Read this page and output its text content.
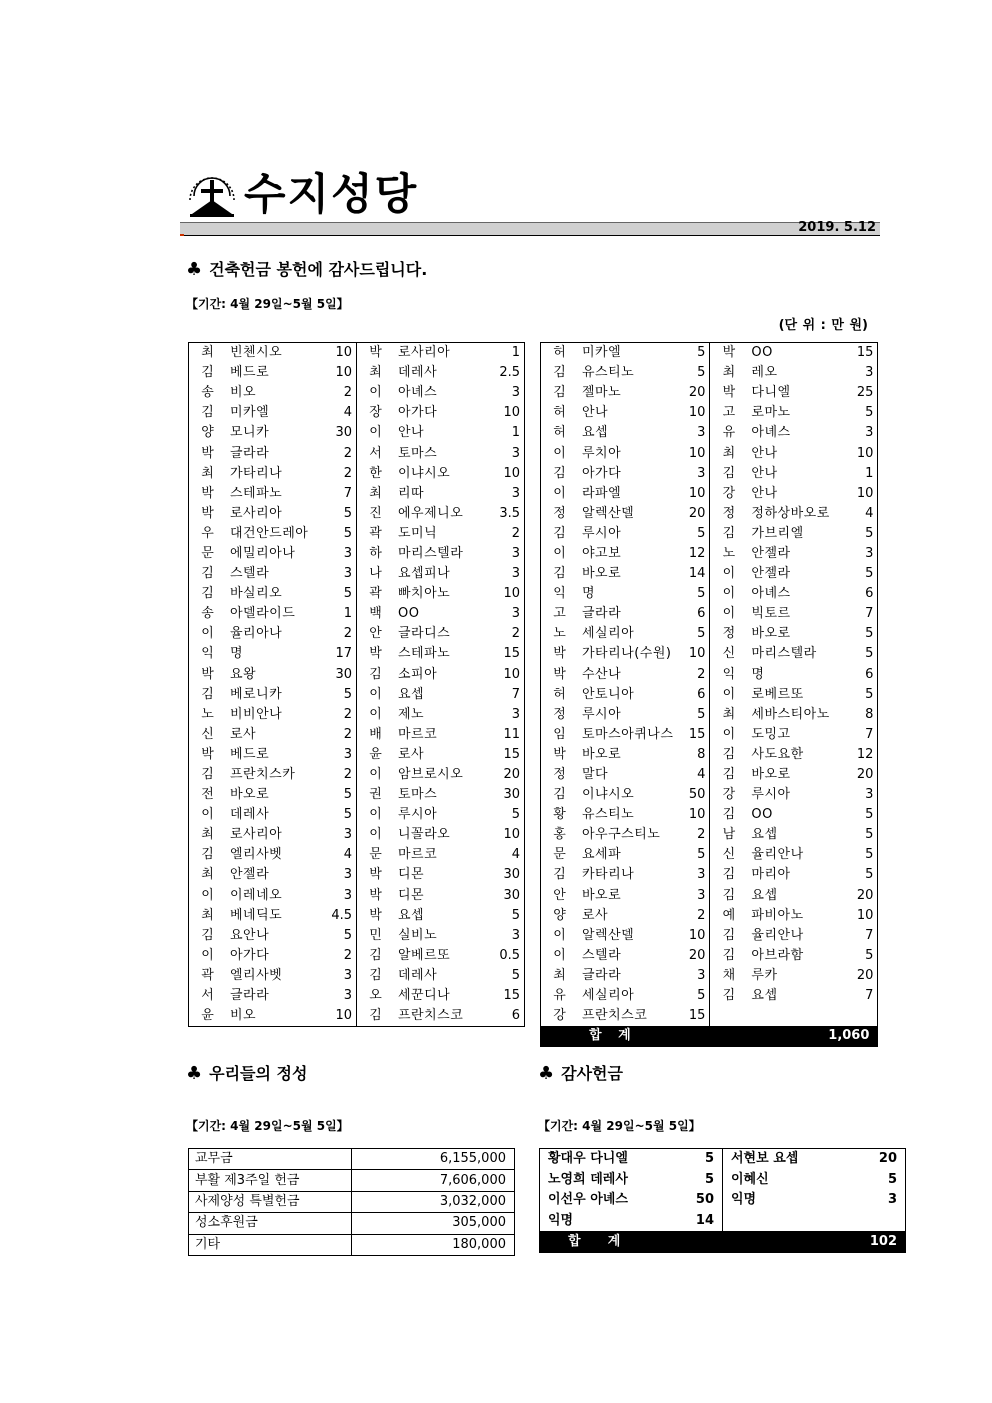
수지성당
2019. 5.12
♣ 건축헌금 봉헌에 감사드립니다.
【기간: 4월 29일~5월 5일】
(단 위 : 만 원)
최	빈첸시오	10	박	로사리아	1
김	베드로	10	최	데레사	2.5
송	비오	2	이	아녜스	3
김	미카엘	4	장	아가다	10
양	모니카	30	이	안나	1
박	글라라	2	서	토마스	3
최	가타리나	2	한	이냐시오	10
박	스테파노	7	최	리따	3
박	로사리아	5	진	에우제니오	3.5
우	대건안드레아	5	곽	도미닉	2
문	에밀리아나	3	하	마리스텔라	3
김	스텔라	3	나	요셉피나	3
김	바실리오	5	곽	빠치아노	10
송	아델라이드	1	백	OO	3
이	율리아나	2	안	글라디스	2
익	명	17	박	스테파노	15
박	요왕	30	김	소피아	10
김	베로니카	5	이	요셉	7
노	비비안나	2	이	제노	3
신	로사	2	배	마르코	11
박	베드로	3	윤	로사	15
김	프란치스카	2	이	암브로시오	20
전	바오로	5	권	토마스	30
이	데레사	5	이	루시아	5
최	로사리아	3	이	니꼴라오	10
김	엘리사벳	4	문	마르코	4
최	안젤라	3	박	디몬	30
이	이레네오	3	박	디몬	30
최	베네딕도	4.5	박	요셉	5
김	요안나	5	민	실비노	3
이	아가다	2	김	알베르또	0.5
곽	엘리사벳	3	김	데레사	5
서	글라라	3	오	세꾼디나	15
윤	비오	10	김	프란치스코	6
허	미카엘	5	박	OO	15
김	유스티노	5	최	레오	3
김	젤마노	20	박	다니엘	25
허	안나	10	고	로마노	5
허	요셉	3	유	아녜스	3
이	루치아	10	최	안나	10
김	아가다	3	김	안나	1
이	라파엘	10	강	안나	10
정	알렉산델	20	정	정하상바오로	4
김	루시아	5	김	가브리엘	5
이	야고보	12	노	안젤라	3
김	바오로	14	이	안젤라	5
익	명	5	이	아녜스	6
고	글라라	6	이	빅토르	7
노	세실리아	5	정	바오로	5
박	가타리나(수원)	10	신	마리스텔라	5
박	수산나	2	익	명	6
허	안토니아	6	이	로베르또	5
정	루시아	5	최	세바스티아노	8
임	토마스아퀴나스	15	이	도밍고	7
박	바오로	8	김	사도요한	12
정	말다	4	김	바오로	20
김	이냐시오	50	강	루시아	3
황	유스티노	10	김	OO	5
홍	아우구스티노	2	남	요셉	5
문	요세파	5	신	율리안나	5
김	카타리나	3	김	마리아	5
안	바오로	3	김	요셉	20
양	로사	2	예	파비아노	10
이	알렉산델	10	김	율리안나	7
이	스텔라	20	김	아브라함	5
최	글라라	3	채	루카	20
유	세실리아	5	김	요셉	7
강	프란치스코	15			
합 계			1,060		
♣ 우리들의 정성
【기간: 4월 29일~5월 5일】
교무금	6,155,000
부활 제3주일 헌금	7,606,000
사제양성 특별헌금	3,032,000
성소후원금	305,000
기타	180,000
♣ 감사헌금
【기간: 4월 29일~5월 5일】
황대우 다니엘	5	서현보 요셉	20
노영희 데레사	5	이혜신	5
이선우 아녜스	50	익명	3
익명	14		
합      계		102	
